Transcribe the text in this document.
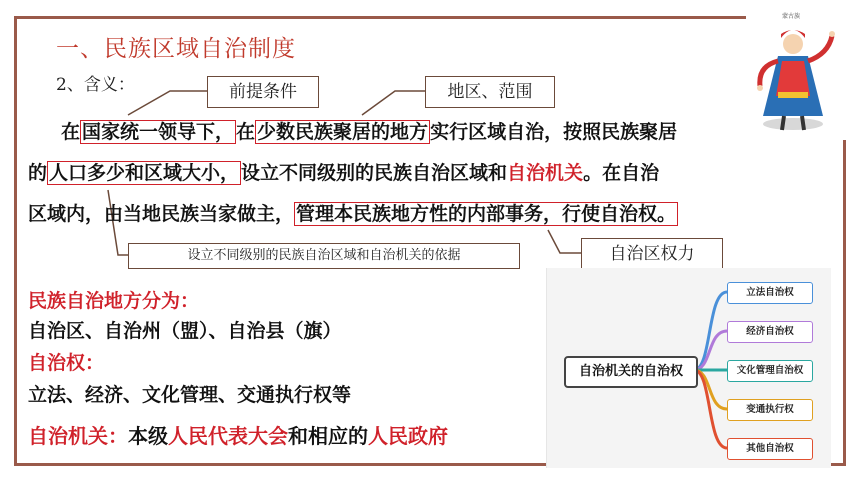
一、民族区域自治制度
2、含义：	前提条件	地区、范围
在 国家统一领导下， 在 少数民族聚居的地方 实行区域自治，按照民族聚居
的 人口多少和区域大小， 设立不同级别的民族自治区域和自治机关。在自治
区域内，由当地民族当家做主， 管理本民族地方性的内部事务，行使自治权。
设立不同级别的民族自治区域和自治机关的依据	自治区权力
民族自治地方分为：
自治区、自治州（盟）、自治县（旗）
自治权：
立法、经济、文化管理、交通执行权等
自治机关：本级人民代表大会和相应的人民政府
自治机关的自治权
立法自治权
经济自治权
文化管理自治权
变通执行权
其他自治权
蒙古族
